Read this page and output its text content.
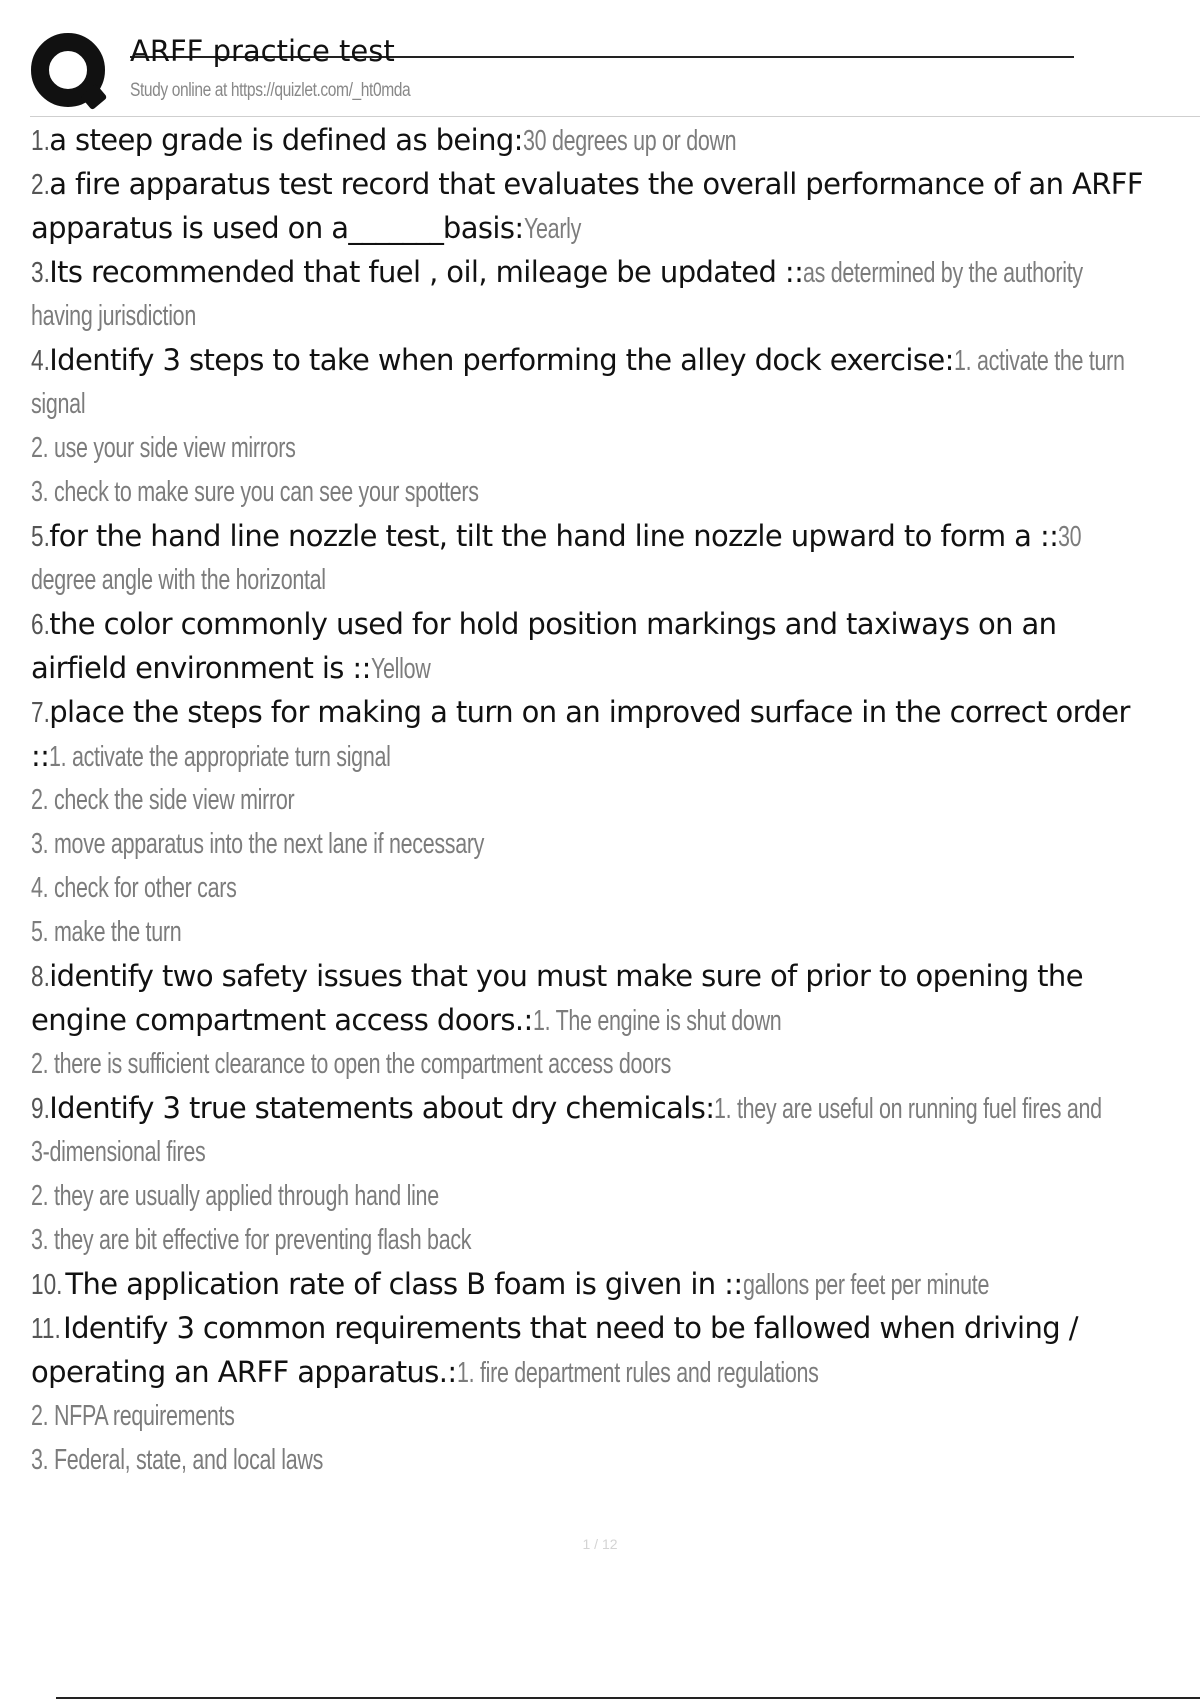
ARFF practice test
Study online at https://quizlet.com/_ht0mda
1. a steep grade is defined as being: 30 degrees up or down
2. a fire apparatus test record that evaluates the overall performance of an ARFF
apparatus is used on a _______ basis: Yearly
3. Its recommended that fuel , oil, mileage be updated :: as determined by the authority
having jurisdiction
4. Identify 3 steps to take when performing the alley dock exercise: 1. activate the turn
signal
2. use your side view mirrors
3. check to make sure you can see your spotters
5. for the hand line nozzle test, tilt the hand line nozzle upward to form a :: 30
degree angle with the horizontal
6. the color commonly used for hold position markings and taxiways on an
airfield environment is :: Yellow
7. place the steps for making a turn on an improved surface in the correct order
:: 1. activate the appropriate turn signal
2. check the side view mirror
3. move apparatus into the next lane if necessary
4. check for other cars
5. make the turn
8. identify two safety issues that you must make sure of prior to opening the
engine compartment access doors.: 1. The engine is shut down
2. there is sufficient clearance to open the compartment access doors
9. Identify 3 true statements about dry chemicals: 1. they are useful on running fuel fires and
3-dimensional fires
2. they are usually applied through hand line
3. they are bit effective for preventing flash back
10. The application rate of class B foam is given in :: gallons per feet per minute
11. Identify 3 common requirements that need to be fallowed when driving /
operating an ARFF apparatus.: 1. fire department rules and regulations
2. NFPA requirements
3. Federal, state, and local laws
1 / 12
